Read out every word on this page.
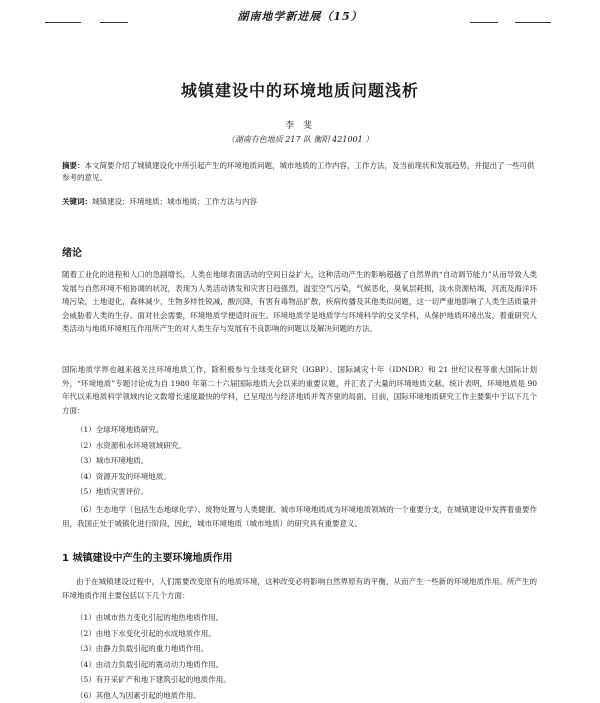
湖南地学新进展（15）
城镇建设中的环境地质问题浅析
李 斐
（湖南有色地质 217 队 衡阳 421001 ）
摘要：本文简要介绍了城镇建设化中所引起产生的环境地质问题，城市地质的工作内容，工作方法，及当前现状和发展趋势，并提出了一些可供参考的意见。
关键词：城镇建设；环境地质；城市地质；工作方法与内容
绪论
随着工业化的进程和人口的急剧增长，人类在地球表面活动的空间日益扩大，这种活动产生的影响超越了自然界的“自动调节能力”从而导致人类发展与自然环境不相协调的状况，表现为人类活动诱发和灾害日趋强烈，温室空气污染，气候恶化，臭氧层耗损，淡水资源枯竭，河流及海洋环境污染，土地退化，森林减少，生物多样性锐减，酸沉降，有害有毒物品扩散，疾病传播及其他类似问题，这一切严重地影响了人类生活质量并会威胁着人类的生存。面对社会需要，环境地质学便适时而生。环境地质学是地质学与环境科学的交叉学科，从保护地质环境出发，着重研究人类活动与地质环境相互作用所产生的对人类生存与发展有不良影响的问题以及解决问题的方法。
国际地质学界也越来越关注环境地质工作，除积极参与全球变化研究（IGBP）、国际减灾十年（IDNDR）和 21 世纪议程等重大国际计划外，“环境地质”专题讨论成为自 1980 年第二十六届国际地质大会以来的重要议题，并汇表了大量的环境地质文献。统计表明，环境地质是 90 年代以来地质科学领域内论文数增长速度最快的学科，已呈现出与经济地质并驾齐驱的局面。目前，国际环境地质研究工作主要集中于以下几个方面：
（1）全球环境地质研究。
（2）水资源和水环境领域研究。
（3）城市环境地质。
（4）资源开发的环境地质。
（5）地质灾害评价。
（6）生态地学（包括生态地球化学）、废物处置与人类健康、城市环境地质成为环境地质领域的一个重要分支，在城镇建设中发挥着重要作用，我国正处于城镇化进行阶段，因此，城市环境地质（城市地质）的研究具有重要意义。
1 城镇建设中产生的主要环境地质作用
由于在城镇建设过程中，人们需要改变原有的地质环境，这种改变必将影响自然界原有的平衡，从而产生一些新的环境地质作用。所产生的环境地质作用主要包括以下几个方面：
（1）由城市热力变化引起的地热地质作用。
（2）由地下水变化引起的水成地质作用。
（3）由静力负载引起的重力地质作用。
（4）由动力负载引起的震动动力地质作用。
（5）有开采矿产和地下建筑引起的地质作用。
（6）其他人为因素引起的地质作用。
